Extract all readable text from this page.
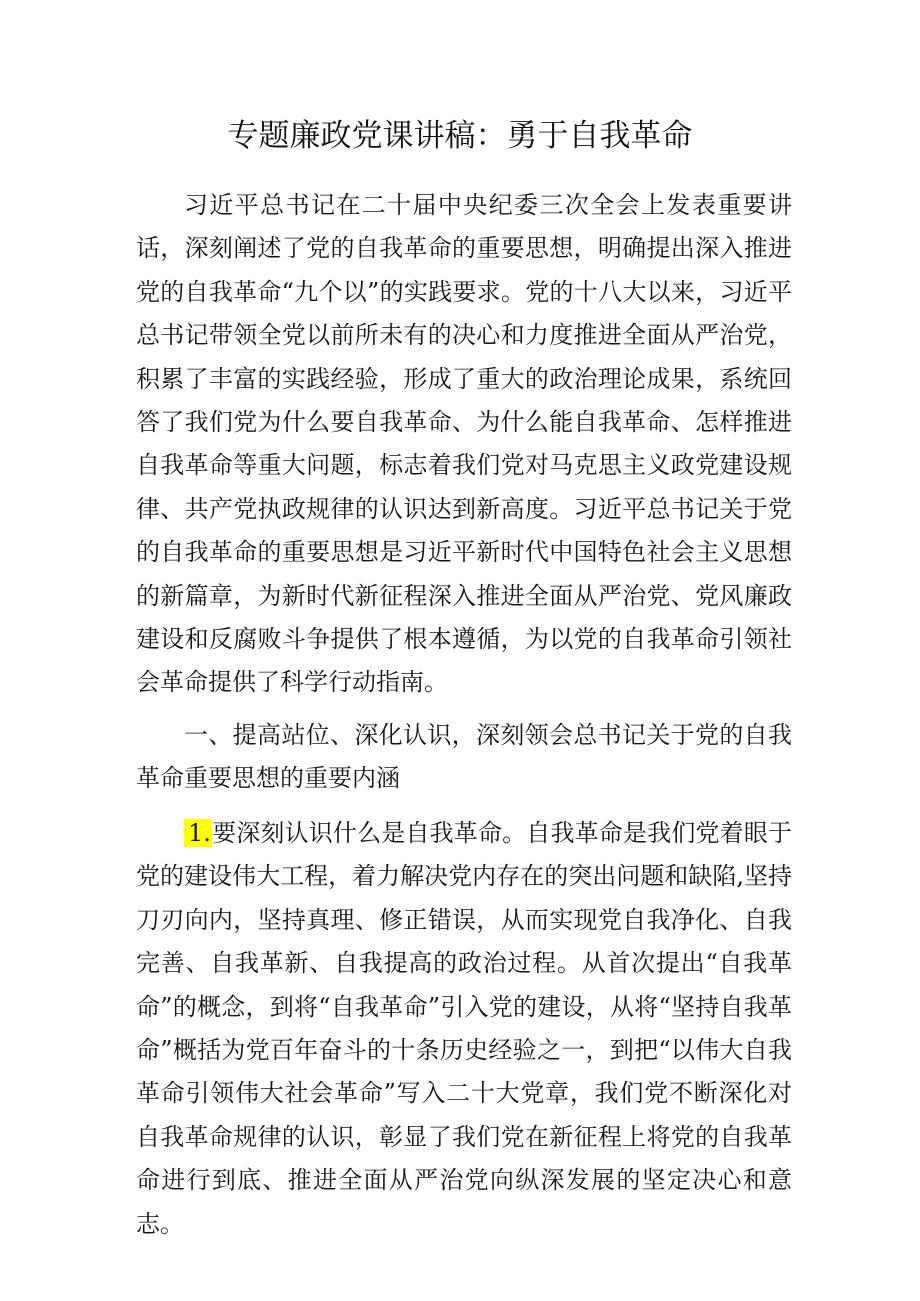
专题廉政党课讲稿：勇于自我革命

习近平总书记在二十届中央纪委三次全会上发表重要讲话，深刻阐述了党的自我革命的重要思想，明确提出深入推进党的自我革命“九个以”的实践要求。党的十八大以来，习近平总书记带领全党以前所未有的决心和力度推进全面从严治党，积累了丰富的实践经验，形成了重大的政治理论成果，系统回答了我们党为什么要自我革命、为什么能自我革命、怎样推进自我革命等重大问题，标志着我们党对马克思主义政党建设规律、共产党执政规律的认识达到新高度。习近平总书记关于党的自我革命的重要思想是习近平新时代中国特色社会主义思想的新篇章，为新时代新征程深入推进全面从严治党、党风廉政建设和反腐败斗争提供了根本遵循，为以党的自我革命引领社会革命提供了科学行动指南。

一、提高站位、深化认识，深刻领会总书记关于党的自我革命重要思想的重要内涵

1.要深刻认识什么是自我革命。自我革命是我们党着眼于党的建设伟大工程，着力解决党内存在的突出问题和缺陷,坚持刀刃向内，坚持真理、修正错误，从而实现党自我净化、自我完善、自我革新、自我提高的政治过程。从首次提出“自我革命”的概念，到将“自我革命”引入党的建设，从将“坚持自我革命”概括为党百年奋斗的十条历史经验之一，到把“以伟大自我革命引领伟大社会革命”写入二十大党章，我们党不断深化对自我革命规律的认识，彰显了我们党在新征程上将党的自我革命进行到底、推进全面从严治党向纵深发展的坚定决心和意志。
